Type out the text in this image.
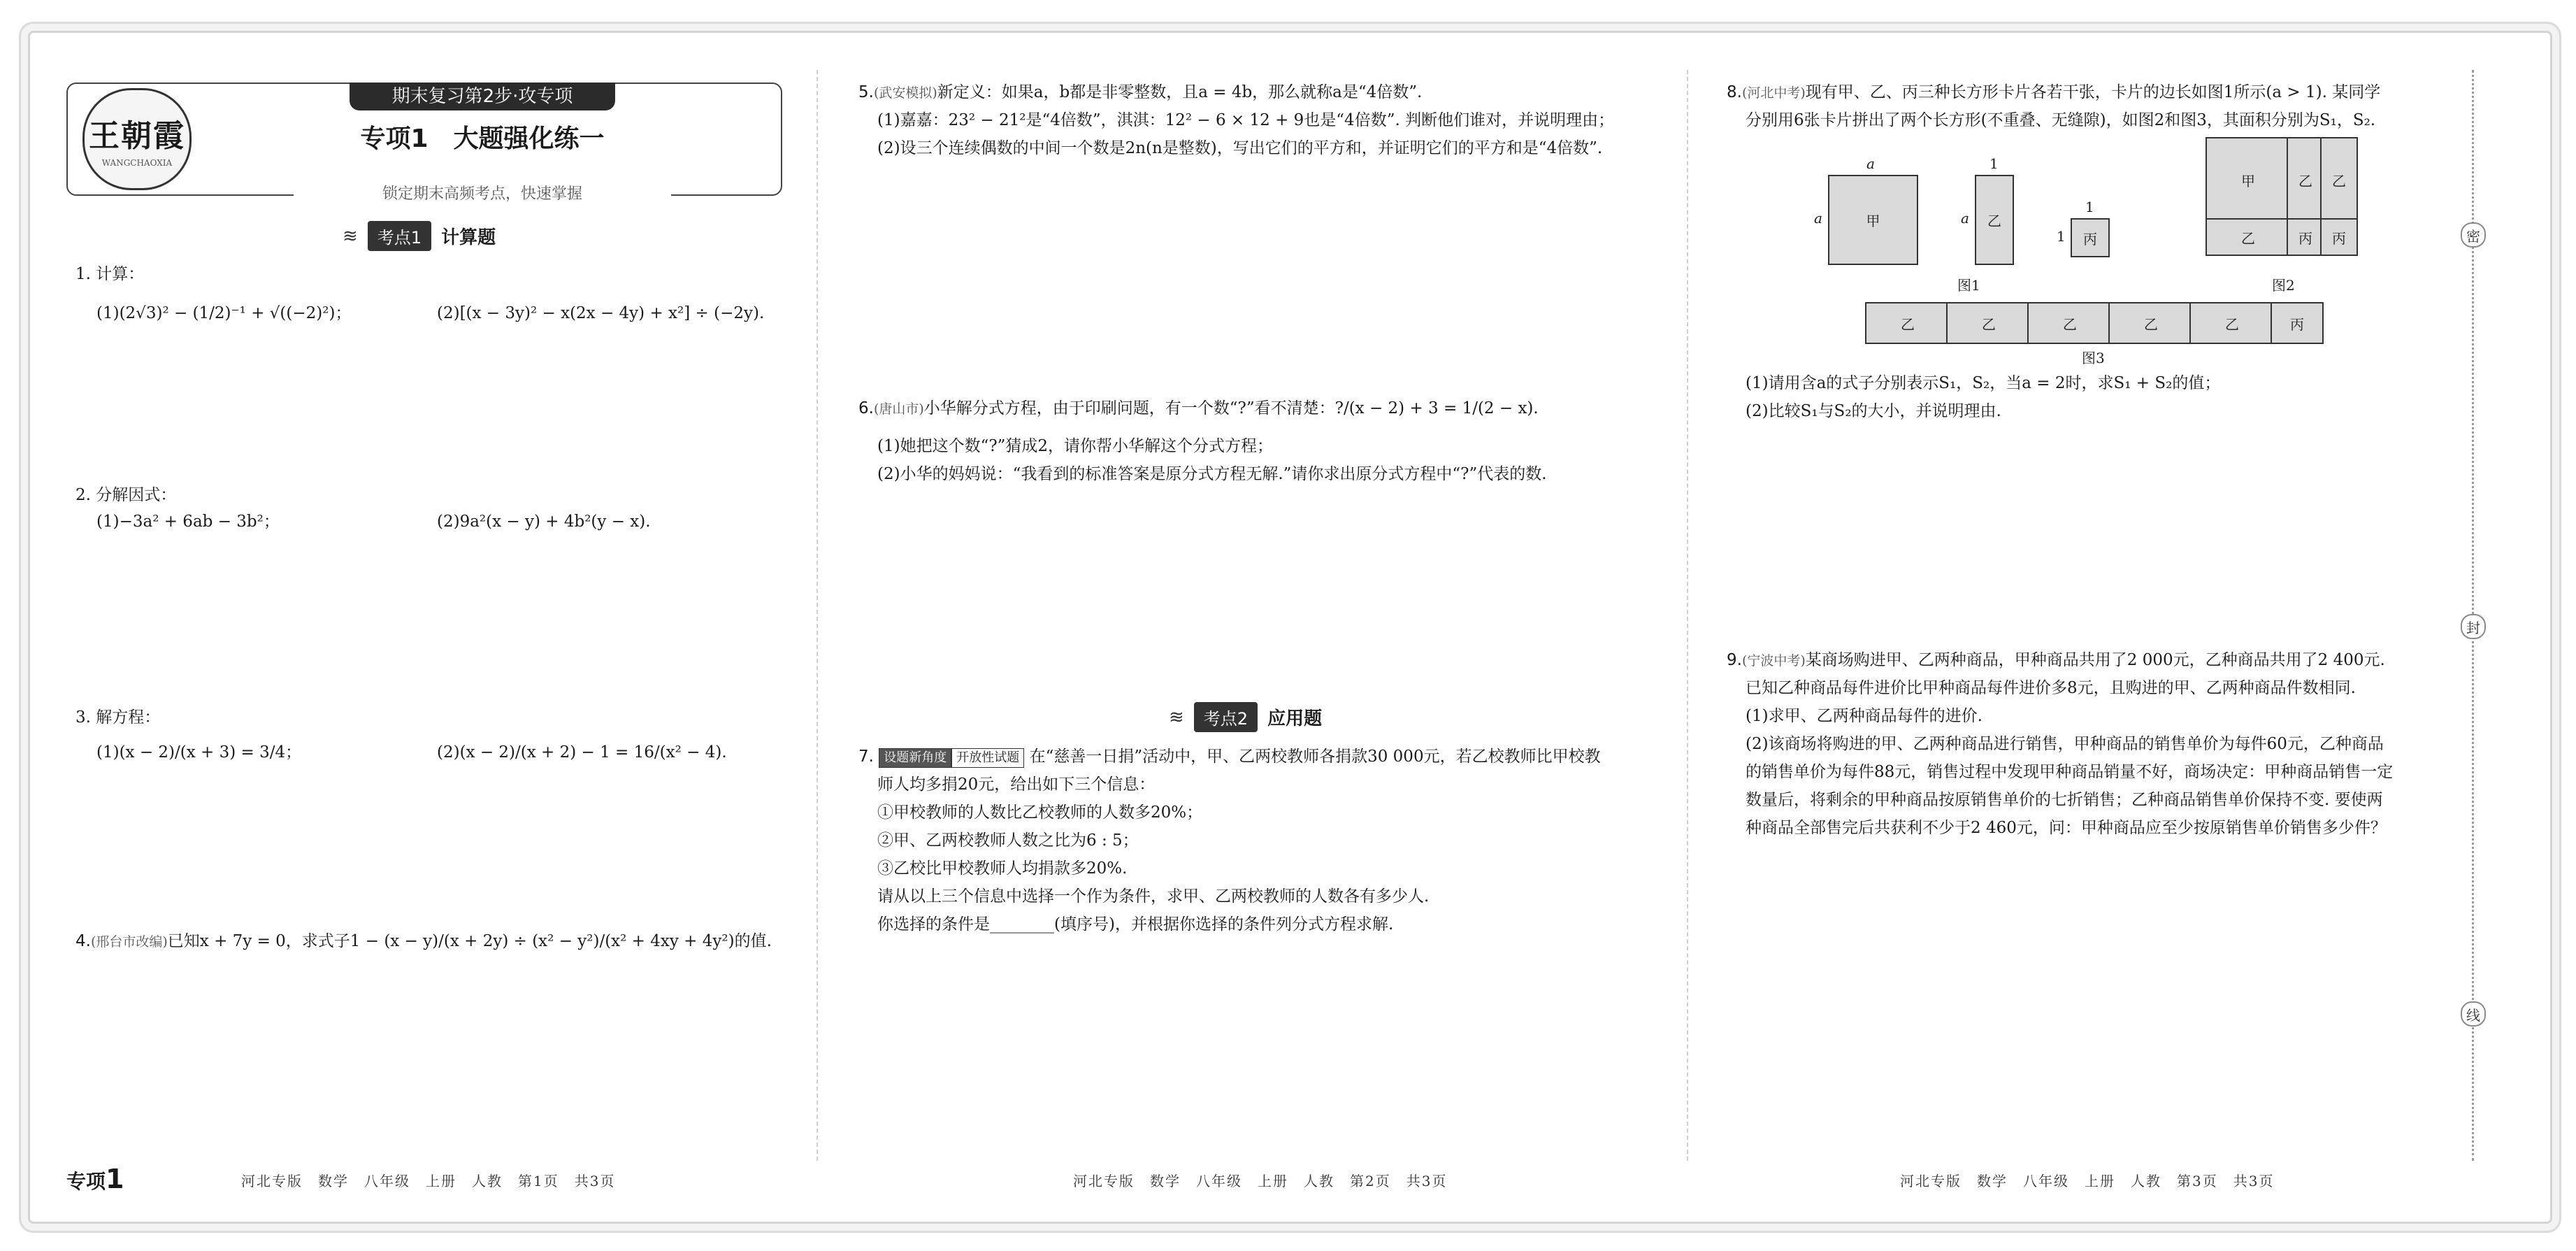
密
封
线
王朝霞
WANGCHAOXIA
期末复习第2步·攻专项
专项1　大题强化练一
锁定期末高频考点，快速掌握
≋	考点1	计算题
1. 计算：
(1)(2√3)² − (1/2)⁻¹ + √((−2)²)；	(2)[(x − 3y)² − x(2x − 4y) + x²] ÷ (−2y).
2. 分解因式：
(1)−3a² + 6ab − 3b²；	(2)9a²(x − y) + 4b²(y − x).
3. 解方程：
(1)(x − 2)/(x + 3) = 3/4；	(2)(x − 2)/(x + 2) − 1 = 16/(x² − 4).
4.(邢台市改编)已知x + 7y = 0，求式子1 − (x − y)/(x + 2y) ÷ (x² − y²)/(x² + 4xy + 4y²)的值.
5.(武安模拟)新定义：如果a，b都是非零整数，且a = 4b，那么就称a是“4倍数”.
(1)嘉嘉：23² − 21²是“4倍数”，淇淇：12² − 6 × 12 + 9也是“4倍数”. 判断他们谁对，并说明理由；
(2)设三个连续偶数的中间一个数是2n(n是整数)，写出它们的平方和，并证明它们的平方和是“4倍数”.
6.(唐山市)小华解分式方程，由于印刷问题，有一个数“?”看不清楚：?/(x − 2) + 3 = 1/(2 − x).
(1)她把这个数“?”猜成2，请你帮小华解这个分式方程；
(2)小华的妈妈说：“我看到的标准答案是原分式方程无解.”请你求出原分式方程中“?”代表的数.
≋	考点2	应用题
7. 设题新角度 开放性试题 在“慈善一日捐”活动中，甲、乙两校教师各捐款30 000元，若乙校教师比甲校教
师人均多捐20元，给出如下三个信息：
①甲校教师的人数比乙校教师的人数多20%；
②甲、乙两校教师人数之比为6 : 5；
③乙校比甲校教师人均捐款多20%.
请从以上三个信息中选择一个作为条件，求甲、乙两校教师的人数各有多少人.
你选择的条件是________(填序号)，并根据你选择的条件列分式方程求解.
8.(河北中考)现有甲、乙、丙三种长方形卡片各若干张，卡片的边长如图1所示(a > 1). 某同学
分别用6张卡片拼出了两个长方形(不重叠、无缝隙)，如图2和图3，其面积分别为S₁，S₂.
甲
a
a	乙
1
a
丙
1
1
图1
甲	乙 乙
乙	丙 丙
图2
乙	乙	乙	乙	乙	丙
图3
(1)请用含a的式子分别表示S₁，S₂，当a = 2时，求S₁ + S₂的值；
(2)比较S₁与S₂的大小，并说明理由.
9.(宁波中考)某商场购进甲、乙两种商品，甲种商品共用了2 000元，乙种商品共用了2 400元.
已知乙种商品每件进价比甲种商品每件进价多8元，且购进的甲、乙两种商品件数相同.
(1)求甲、乙两种商品每件的进价.
(2)该商场将购进的甲、乙两种商品进行销售，甲种商品的销售单价为每件60元，乙种商品
的销售单价为每件88元，销售过程中发现甲种商品销量不好，商场决定：甲种商品销售一定
数量后，将剩余的甲种商品按原销售单价的七折销售；乙种商品销售单价保持不变. 要使两
种商品全部售完后共获利不少于2 460元，问：甲种商品应至少按原销售单价销售多少件？
专项1	河北专版　数学　八年级　上册　人教　第1页　共3页	河北专版　数学　八年级　上册　人教　第2页　共3页	河北专版　数学　八年级　上册　人教　第3页　共3页
